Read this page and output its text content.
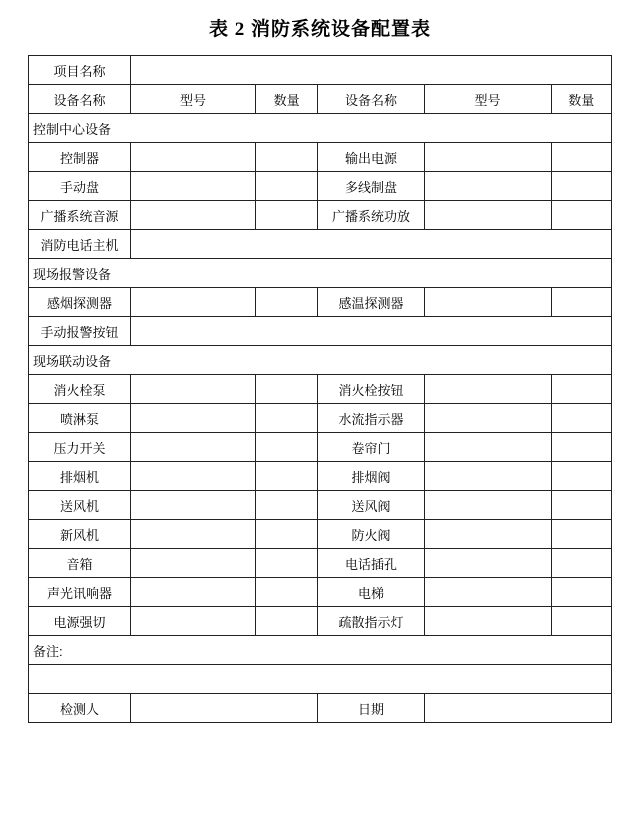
表 2 消防系统设备配置表
项目名称					
设备名称	型号	数量	设备名称	型号	数量
控制中心设备					
控制器			输出电源		
手动盘			多线制盘		
广播系统音源			广播系统功放		
消防电话主机					
现场报警设备					
感烟探测器			感温探测器		
手动报警按钮					
现场联动设备					
消火栓泵			消火栓按钮		
喷淋泵			水流指示器		
压力开关			卷帘门		
排烟机			排烟阀		
送风机			送风阀		
新风机			防火阀		
音箱			电话插孔		
声光讯响器			电梯		
电源强切			疏散指示灯		
备注:					

检测人			日期		
